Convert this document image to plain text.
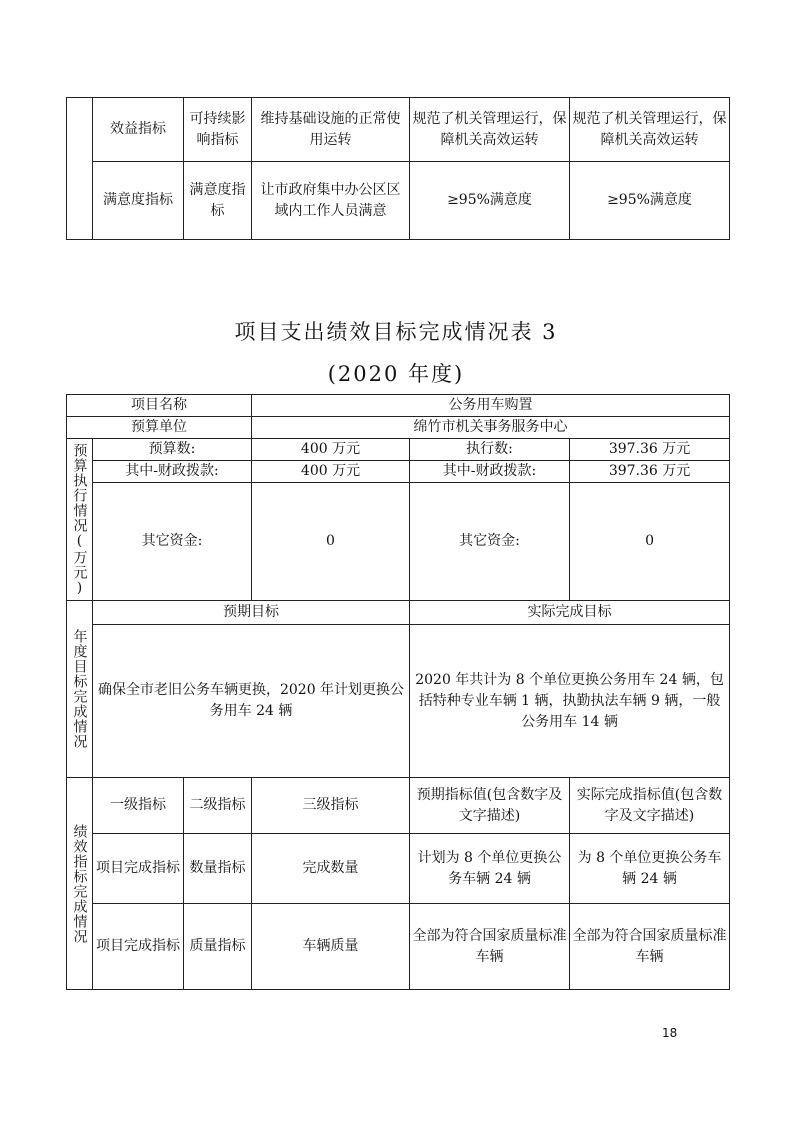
	效益指标	可持续影响指标	维持基础设施的正常使用运转	规范了机关管理运行，保障机关高效运转	规范了机关管理运行，保障机关高效运转
	满意度指标	满意度指标	让市政府集中办公区区域内工作人员满意	≥95%满意度	≥95%满意度
项目支出绩效目标完成情况表 3
(2020 年度)
项目名称			公务用车购置		
预算单位			绵竹市机关事务服务中心		
预算执行情况(万元)	预算数:		400 万元	执行数:	397.36 万元
	其中-财政拨款:		400 万元	其中-财政拨款:	397.36 万元
	其它资金:		0	其它资金:	0
年度目标完成情况	预期目标			实际完成目标	
	确保全市老旧公务车辆更换，2020 年计划更换公务用车 24 辆			2020 年共计为 8 个单位更换公务用车 24 辆，包括特种专业车辆 1 辆，执勤执法车辆 9 辆，一般公务用车 14 辆	
绩效指标完成情况	一级指标	二级指标	三级指标	预期指标值(包含数字及文字描述)	实际完成指标值(包含数字及文字描述)
	项目完成指标	数量指标	完成数量	计划为 8 个单位更换公务车辆 24 辆	为 8 个单位更换公务车辆 24 辆
	项目完成指标	质量指标	车辆质量	全部为符合国家质量标准车辆	全部为符合国家质量标准车辆
18
